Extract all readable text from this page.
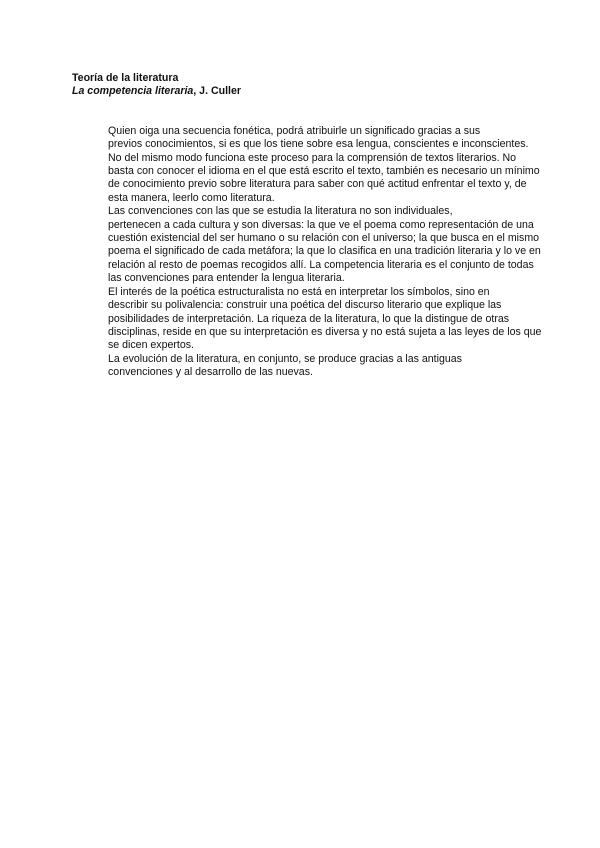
Teoría de la literatura

La competencia literaria, J. Culler

Quien oiga una secuencia fonética, podrá atribuirle un significado gracias a sus
previos conocimientos, si es que los tiene sobre esa lengua, conscientes e inconscientes.
No del mismo modo funciona este proceso para la comprensión de textos literarios. No
basta con conocer el idioma en el que está escrito el texto, también es necesario un mínimo
de conocimiento previo sobre literatura para saber con qué actitud enfrentar el texto y, de
esta manera, leerlo como literatura.

Las convenciones con las que se estudia la literatura no son individuales,
pertenecen a cada cultura y son diversas: la que ve el poema como representación de una
cuestión existencial del ser humano o su relación con el universo; la que busca en el mismo
poema el significado de cada metáfora; la que lo clasifica en una tradición literaria y lo ve en
relación al resto de poemas recogidos allí. La competencia literaria es el conjunto de todas
las convenciones para entender la lengua literaria.

El interés de la poética estructuralista no está en interpretar los símbolos, sino en
describir su polivalencia: construir una poética del discurso literario que explique las
posibilidades de interpretación. La riqueza de la literatura, lo que la distingue de otras
disciplinas, reside en que su interpretación es diversa y no está sujeta a las leyes de los que
se dicen expertos.

La evolución de la literatura, en conjunto, se produce gracias a las antiguas
convenciones y al desarrollo de las nuevas.
